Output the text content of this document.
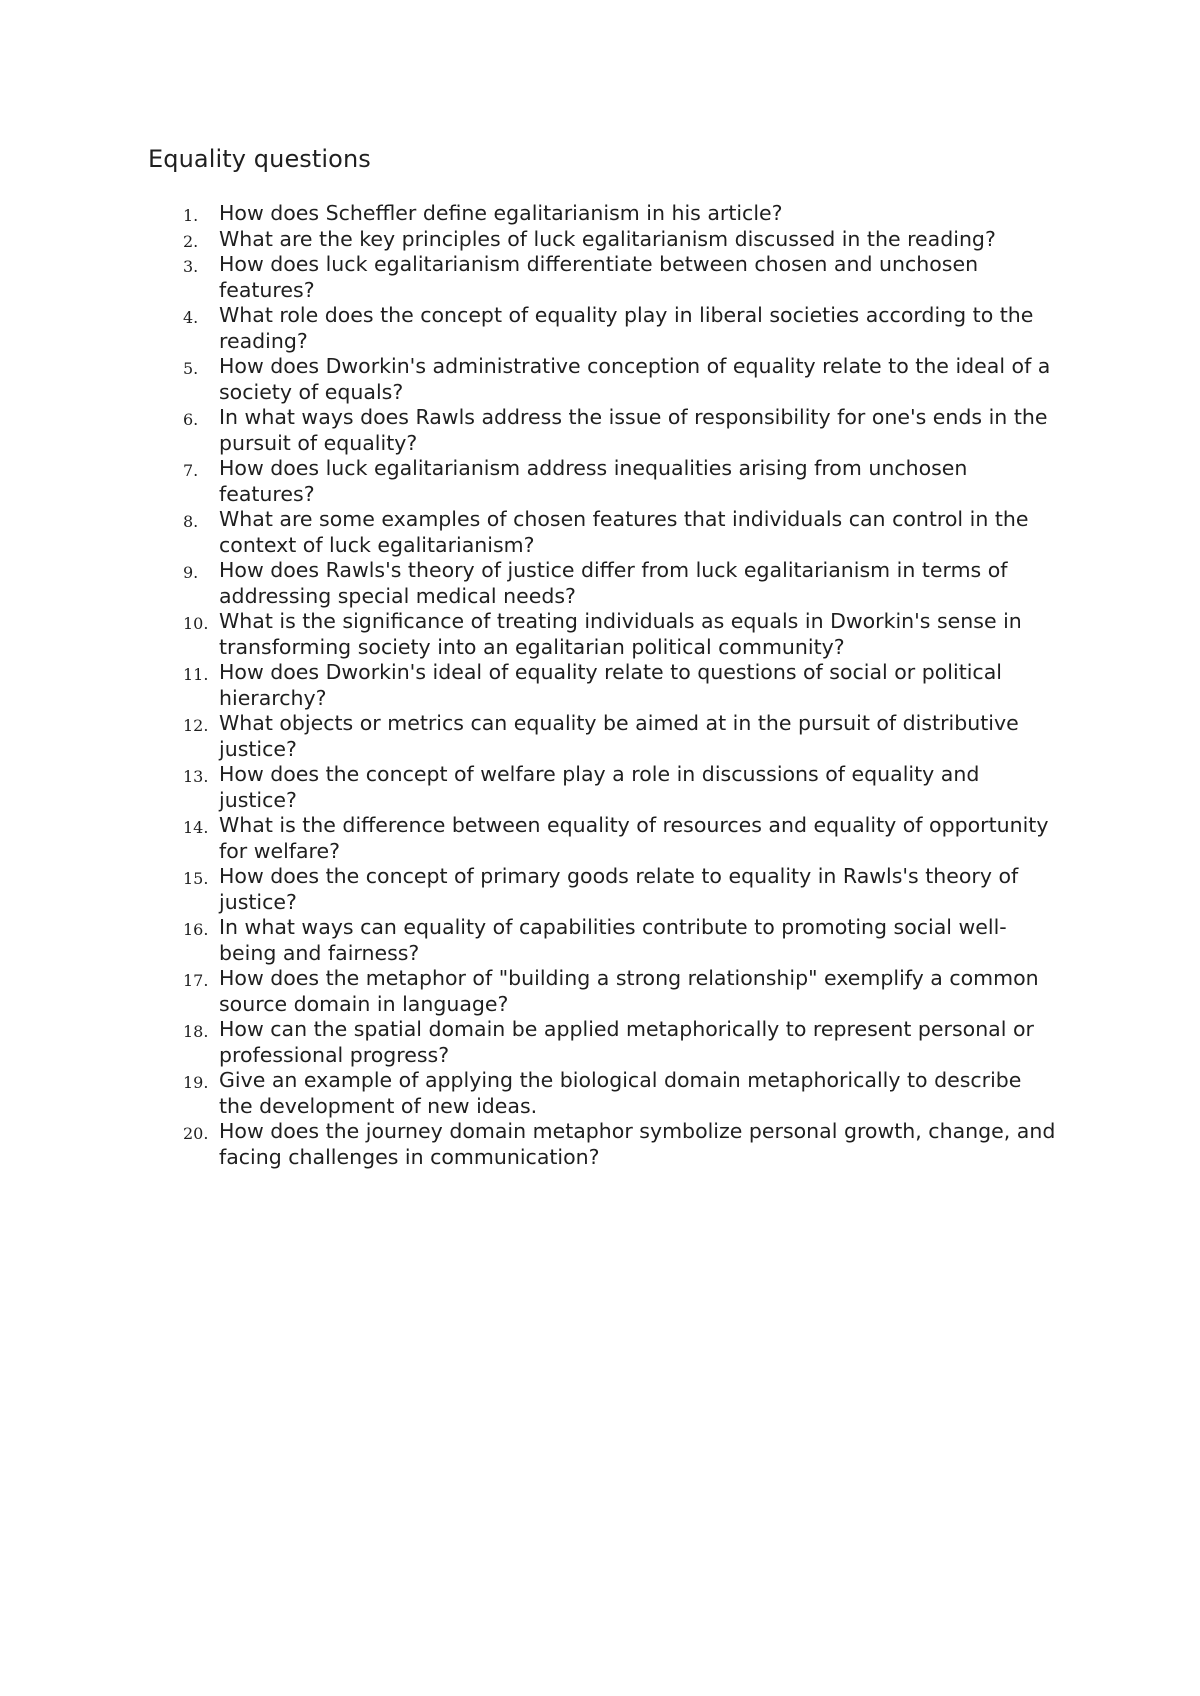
Equality questions
1. How does Scheffler define egalitarianism in his article?
2. What are the key principles of luck egalitarianism discussed in the reading?
3. How does luck egalitarianism differentiate between chosen and unchosen features?
4. What role does the concept of equality play in liberal societies according to the reading?
5. How does Dworkin's administrative conception of equality relate to the ideal of a society of equals?
6. In what ways does Rawls address the issue of responsibility for one's ends in the pursuit of equality?
7. How does luck egalitarianism address inequalities arising from unchosen features?
8. What are some examples of chosen features that individuals can control in the context of luck egalitarianism?
9. How does Rawls's theory of justice differ from luck egalitarianism in terms of addressing special medical needs?
10. What is the significance of treating individuals as equals in Dworkin's sense in transforming society into an egalitarian political community?
11. How does Dworkin's ideal of equality relate to questions of social or political hierarchy?
12. What objects or metrics can equality be aimed at in the pursuit of distributive justice?
13. How does the concept of welfare play a role in discussions of equality and justice?
14. What is the difference between equality of resources and equality of opportunity for welfare?
15. How does the concept of primary goods relate to equality in Rawls's theory of justice?
16. In what ways can equality of capabilities contribute to promoting social well-being and fairness?
17. How does the metaphor of "building a strong relationship" exemplify a common source domain in language?
18. How can the spatial domain be applied metaphorically to represent personal or professional progress?
19. Give an example of applying the biological domain metaphorically to describe the development of new ideas.
20. How does the journey domain metaphor symbolize personal growth, change, and facing challenges in communication?
